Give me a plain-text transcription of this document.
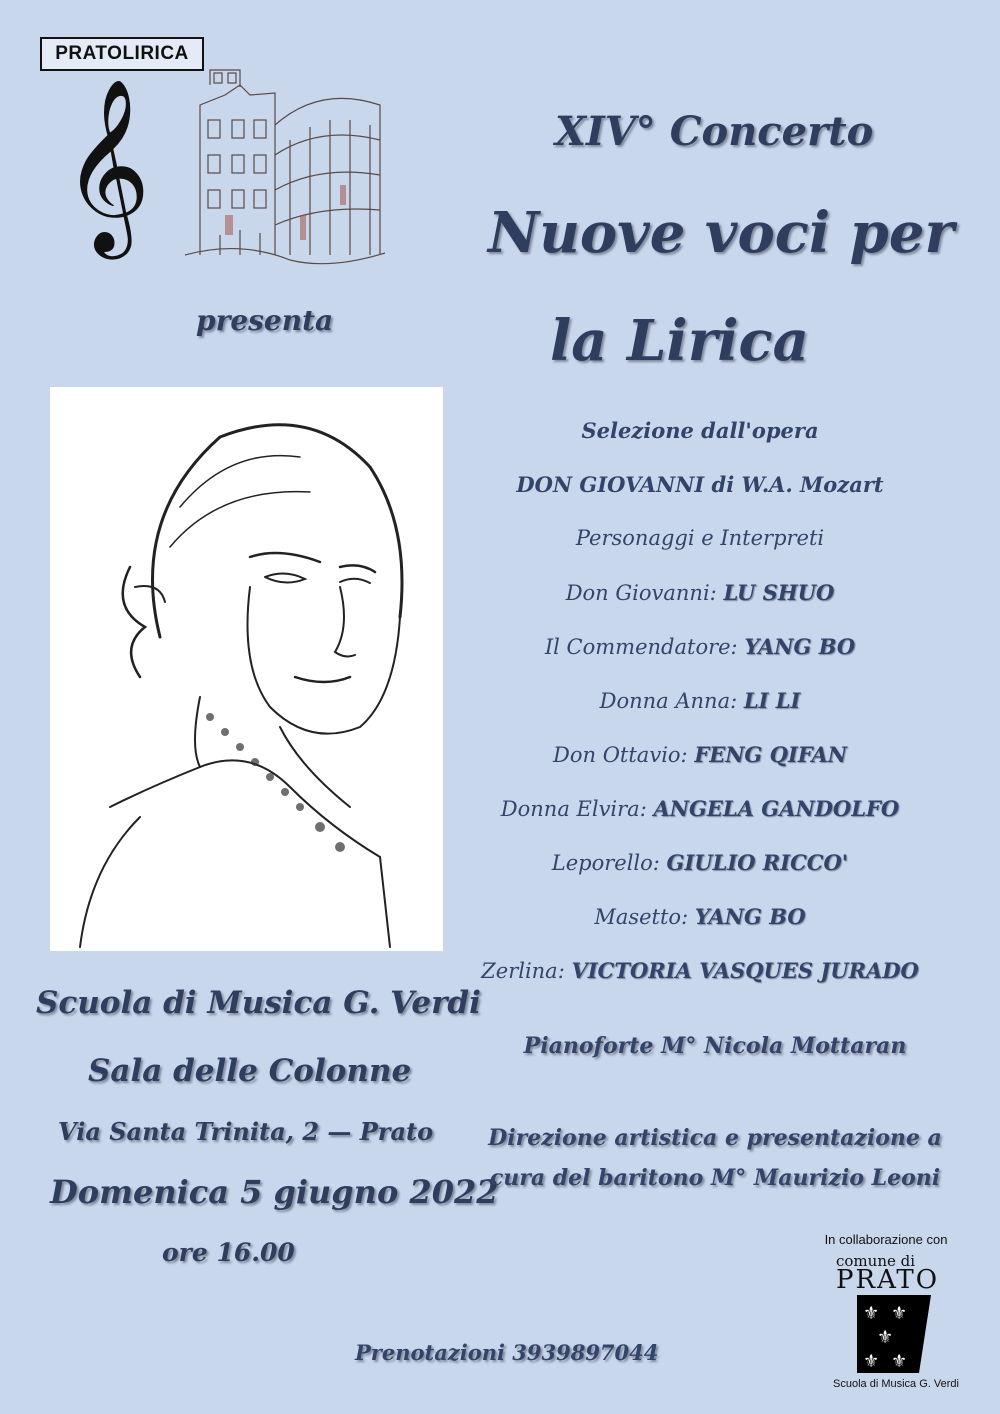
PRATOLIRICA
𝄞	XIV° Concerto
Nuove voci per
la Lirica
presenta
Selezione dall'opera
DON GIOVANNI di W.A. Mozart
Personaggi e Interpreti
Don Giovanni: LU SHUO
Il Commendatore: YANG BO
Donna Anna: LI LI
Don Ottavio: FENG QIFAN
Donna Elvira: ANGELA GANDOLFO
Leporello: GIULIO RICCO'
Masetto: YANG BO
Zerlina: VICTORIA VASQUES JURADO
Scuola di Musica G. Verdi
Sala delle Colonne
Via Santa Trinita, 2 — Prato
Domenica 5 giugno 2022
ore 16.00
Pianoforte M° Nicola Mottaran
Direzione artistica e presentazione a
cura del baritono M° Maurizio Leoni
In collaborazione con
comune di
PRATO
⚜ ⚜
⚜
⚜ ⚜
Scuola di Musica G. Verdi
Prenotazioni 3939897044
